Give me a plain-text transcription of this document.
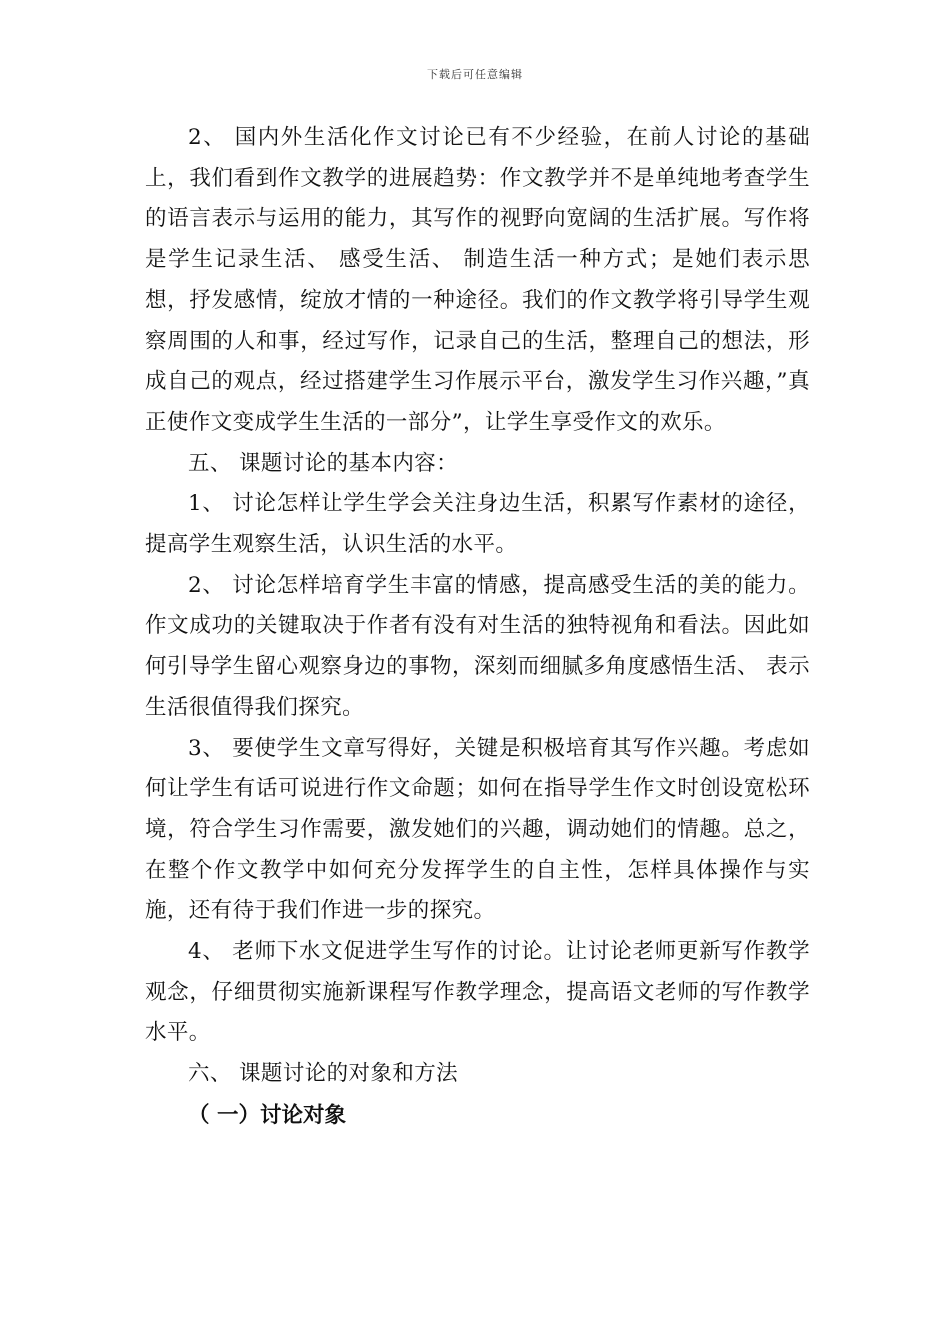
下载后可任意编辑

2、 国内外生活化作文讨论已有不少经验，在前人讨论的基础上，我们看到作文教学的进展趋势：作文教学并不是单纯地考查学生的语言表示与运用的能力，其写作的视野向宽阔的生活扩展。写作将是学生记录生活、 感受生活、 制造生活一种方式；是她们表示思想，抒发感情，绽放才情的一种途径。我们的作文教学将引导学生观察周围的人和事，经过写作，记录自己的生活，整理自己的想法，形成自己的观点，经过搭建学生习作展示平台，激发学生习作兴趣，”真正使作文变成学生生活的一部分”，让学生享受作文的欢乐。

五、 课题讨论的基本内容：

1、 讨论怎样让学生学会关注身边生活，积累写作素材的途径，提高学生观察生活，认识生活的水平。

2、 讨论怎样培育学生丰富的情感，提高感受生活的美的能力。作文成功的关键取决于作者有没有对生活的独特视角和看法。因此如何引导学生留心观察身边的事物，深刻而细腻多角度感悟生活、 表示生活很值得我们探究。

3、 要使学生文章写得好，关键是积极培育其写作兴趣。考虑如何让学生有话可说进行作文命题；如何在指导学生作文时创设宽松环境，符合学生习作需要，激发她们的兴趣，调动她们的情趣。总之，在整个作文教学中如何充分发挥学生的自主性，怎样具体操作与实施，还有待于我们作进一步的探究。

4、 老师下水文促进学生写作的讨论。让讨论老师更新写作教学观念，仔细贯彻实施新课程写作教学理念，提高语文老师的写作教学水平。

六、 课题讨论的对象和方法

（ 一）讨论对象
